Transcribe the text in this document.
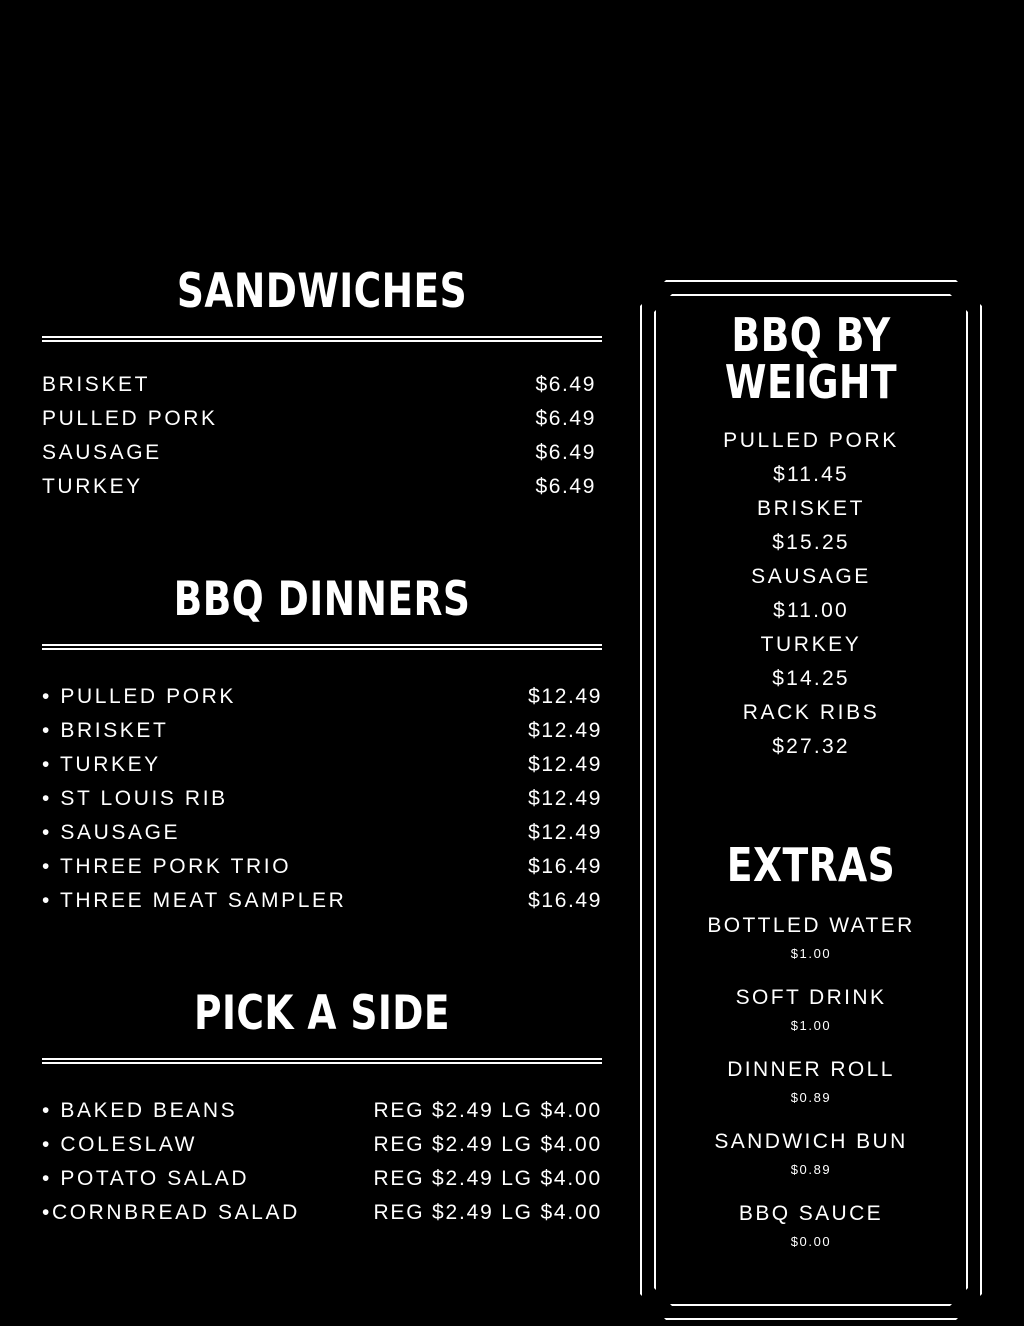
SANDWICHES
BRISKET	$6.49
PULLED PORK	$6.49
SAUSAGE	$6.49
TURKEY	$6.49
BBQ DINNERS
• PULLED PORK	$12.49
• BRISKET	$12.49
• TURKEY	$12.49
• ST LOUIS RIB	$12.49
• SAUSAGE	$12.49
• THREE PORK TRIO	$16.49
• THREE MEAT SAMPLER	$16.49
PICK A SIDE
• BAKED BEANS	REG $2.49 LG $4.00
• COLESLAW	REG $2.49 LG $4.00
• POTATO SALAD	REG $2.49 LG $4.00
•CORNBREAD SALAD	REG $2.49 LG $4.00
BBQ BY WEIGHT
PULLED PORK
$11.45
BRISKET
$15.25
SAUSAGE
$11.00
TURKEY
$14.25
RACK RIBS
$27.32
EXTRAS
BOTTLED WATER
$1.00
SOFT DRINK
$1.00
DINNER ROLL
$0.89
SANDWICH BUN
$0.89
BBQ SAUCE
$0.00
